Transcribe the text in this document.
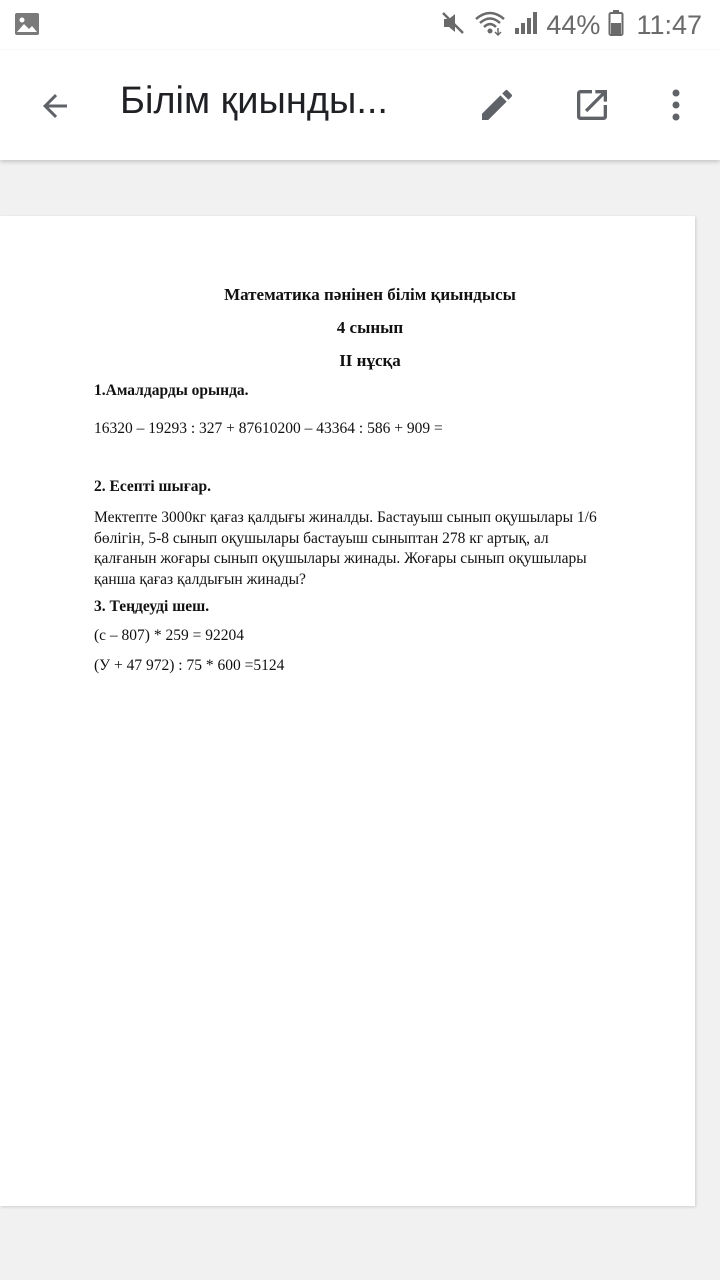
44% 11:47
Білім қиынды...
Математика пәнінен білім қиындысы
4 сынып
ІІ нұсқа
1.Амалдарды орында.
16320 – 19293 : 327 + 87610200 – 43364 : 586 + 909 =
2. Есепті шығар.
Мектепте 3000кг қағаз қалдығы жиналды. Бастауыш сынып оқушылары 1/6
бөлігін, 5-8 сынып оқушылары бастауыш сыныптан 278 кг артық, ал
қалғанын жоғары сынып оқушылары жинады. Жоғары сынып оқушылары
қанша қағаз қалдығын жинады?
3. Теңдеуді шеш.
(с – 807) * 259 = 92204
(У + 47 972) : 75 * 600 =5124
